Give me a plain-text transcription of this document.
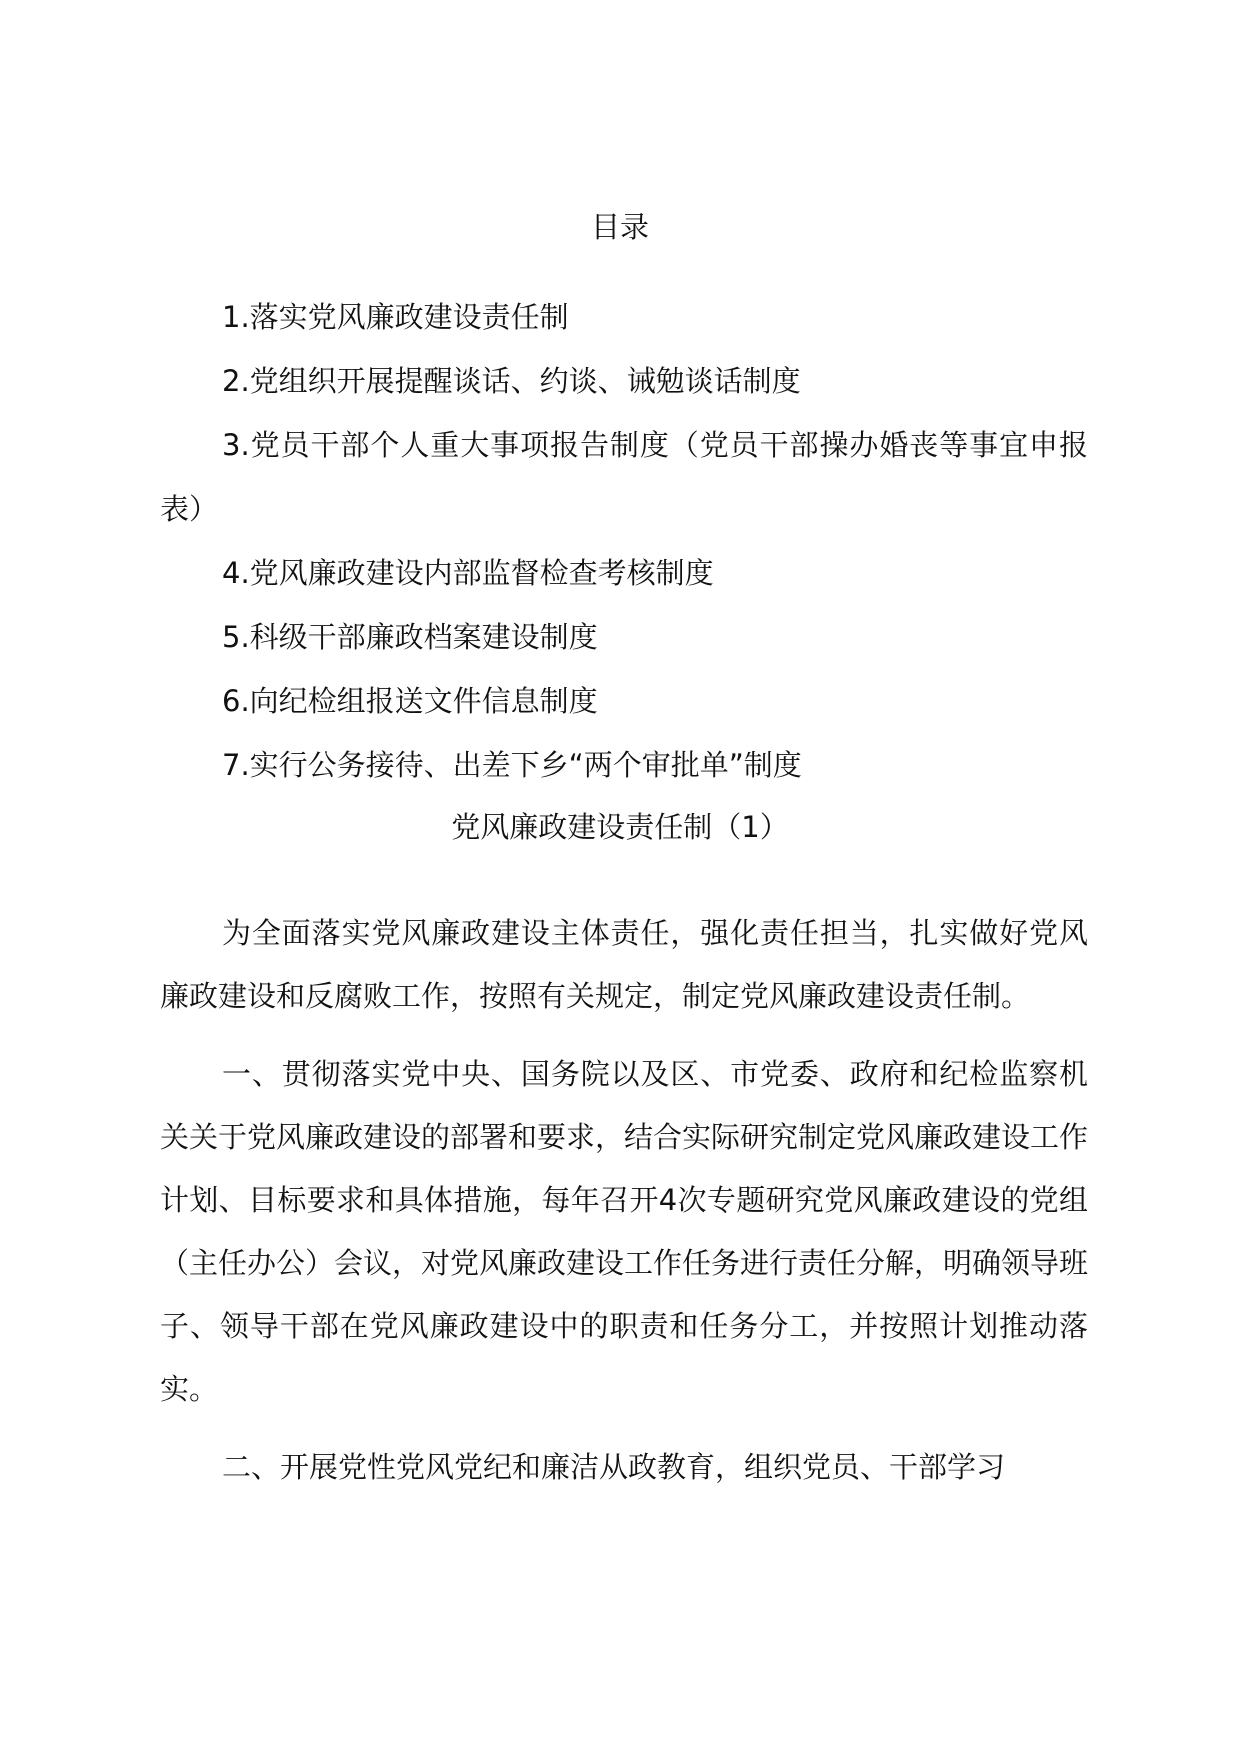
目录
1.落实党风廉政建设责任制
2.党组织开展提醒谈话、约谈、诫勉谈话制度
3.党员干部个人重大事项报告制度（党员干部操办婚丧等事宜申报表）
4.党风廉政建设内部监督检查考核制度
5.科级干部廉政档案建设制度
6.向纪检组报送文件信息制度
7.实行公务接待、出差下乡“两个审批单”制度
党风廉政建设责任制（1）

为全面落实党风廉政建设主体责任，强化责任担当，扎实做好党风廉政建设和反腐败工作，按照有关规定，制定党风廉政建设责任制。

一、贯彻落实党中央、国务院以及区、市党委、政府和纪检监察机关关于党风廉政建设的部署和要求，结合实际研究制定党风廉政建设工作计划、目标要求和具体措施，每年召开4次专题研究党风廉政建设的党组（主任办公）会议，对党风廉政建设工作任务进行责任分解，明确领导班子、领导干部在党风廉政建设中的职责和任务分工，并按照计划推动落实。

二、开展党性党风党纪和廉洁从政教育，组织党员、干部学习
